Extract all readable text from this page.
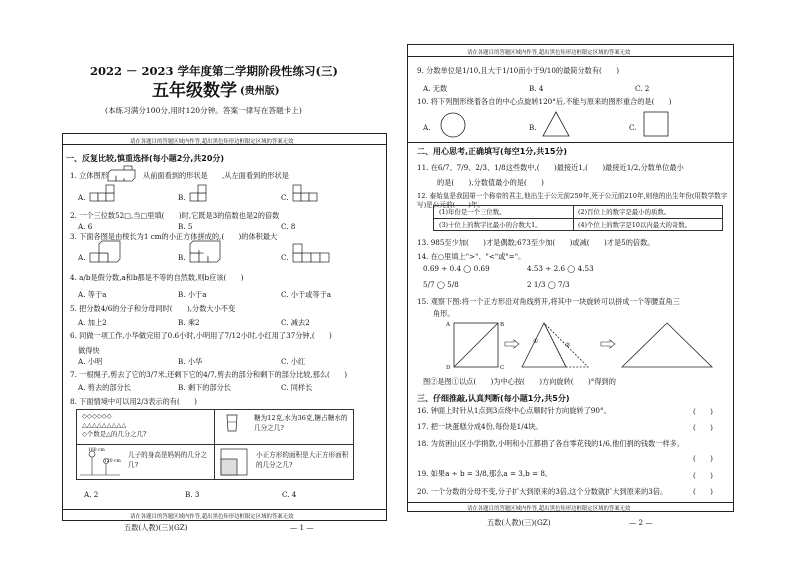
2022 － 2023 学年度第二学期阶段性练习(三)
五年级数学 (贵州版)
(本练习满分100分,用时120分钟。答案一律写在答题卡上)
请在各题目的答题区域内作答,超出黑色矩形边框限定区域的答案无效
一、反复比较,慎重选择(每小题2分,共20分)
1. 立体图形	从前面看到的形状是 ,从左面看到的形状是
A.	B.	C.
2. 一个三位数52□,当□里填(　　)时,它既是3的倍数也是2的倍数
A. 6	B. 5	C. 8
3. 下面各图是由棱长为1 cm的小正方体拼成的,(　　)的体积最大
A.	B.	C.
4. a/b是假分数,a和b都是不等的自然数,则b应该(　　)
A. 等于a	B. 小于a	C. 小于或等于a
5. 把分数4/6的分子和分母同时(　　),分数大小不变
A. 加上2	B. 乘2	C. 减去2
6. 同做一项工作,小华做完用了0.6小时,小明用了7/12小时,小红用了37分钟,(　　)
做得快
A. 小明	B. 小华	C. 小红
7. 一根绳子,剪去了它的3/7米,还剩下它的4/7,剪去的部分和剩下的部分比较,那么(　　)
A. 剪去的部分长	B. 剩下的部分长	C. 同样长
8. 下面情境中可以用2/3表示的有(　　)
◇◇◇◇◇◇
△△△△△△△△△
◇个数是△的几分之几?
糖为12克,水为36克,糖占糖水的几分之几?
160 cm
120 cm
儿子的身高是妈妈的几分之几?
小正方形的面积是大正方形面积的几分之几?
A. 2	B. 3	C. 4
请在各题目的答题区域内作答,超出黑色矩形边框限定区域的答案无效
五数(人教)(三)(GZ)	— 1 —
请在各题目的答题区域内作答,超出黑色矩形边框限定区域的答案无效
9. 分数单位是1/10,且大于1/10而小于9/10的最简分数有(　　)
A. 无数	B. 4	C. 2
10. 将下列图形绕着各自的中心点旋转120°后,不能与原来的图形重合的是(　　)
A.	B.	C.
二、用心思考,正确填写(每空1分,共15分)
11. 在6/7、7/9、2/3、1/8这些数中,(　　)最接近1,(　　)最接近1/2,分数单位最小
的是(　　),分数值最小的是(　　)
12. 泰始皇是我国第一个称帝的君主,他出生于公元前259年,死于公元前210年,则他的出生年份(用数学数字写)是公元前(　　)年。
(1)年份是一个三位数。	(2)百位上的数字是最小的质数。
(3)十位上的数字比最小的合数大1。	(4)个位上的数字是10以内最大的奇数。
13. 985至少加(　　)才是偶数;673至少加(　　)或减(　　)才是5的倍数。
14. 在○里填上">"、"<"或"="。
0.69 ÷ 0.4 ◯ 0.69	4.53 ÷ 2.6 ◯ 4.53
5/7 ◯ 5/8	2 1/3 ◯ 7/3
15. 观察下图:将一个正方形沿对角线剪开,将其中一块旋转可以拼成一个等腰直角三
角形。
A	B
D	C
①
②
图②是图①以点(　　)为中心按(　　)方向旋转(　　)°得到的
三、仔细推敲,认真判断(每小题1分,共5分)
16. 钟面上时针从1点到3点绕中心点顺时针方向旋转了90°。	(　　)
17. 把一块蛋糕分成4份,每份是1/4块。	(　　)
18. 为贫困山区小学捐款,小明和小江都捐了各自零花钱的1/6,他们捐的钱数一样多。
(　　)
19. 如果a ÷ b = 3/8,那么a = 3,b = 8。	(　　)
20. 一个分数的分母不变,分子扩大到原来的3倍,这个分数就扩大到原来的3倍。	(　　)
请在各题目的答题区域内作答,超出黑色矩形边框限定区域的答案无效
五数(人教)(三)(GZ)	— 2 —
